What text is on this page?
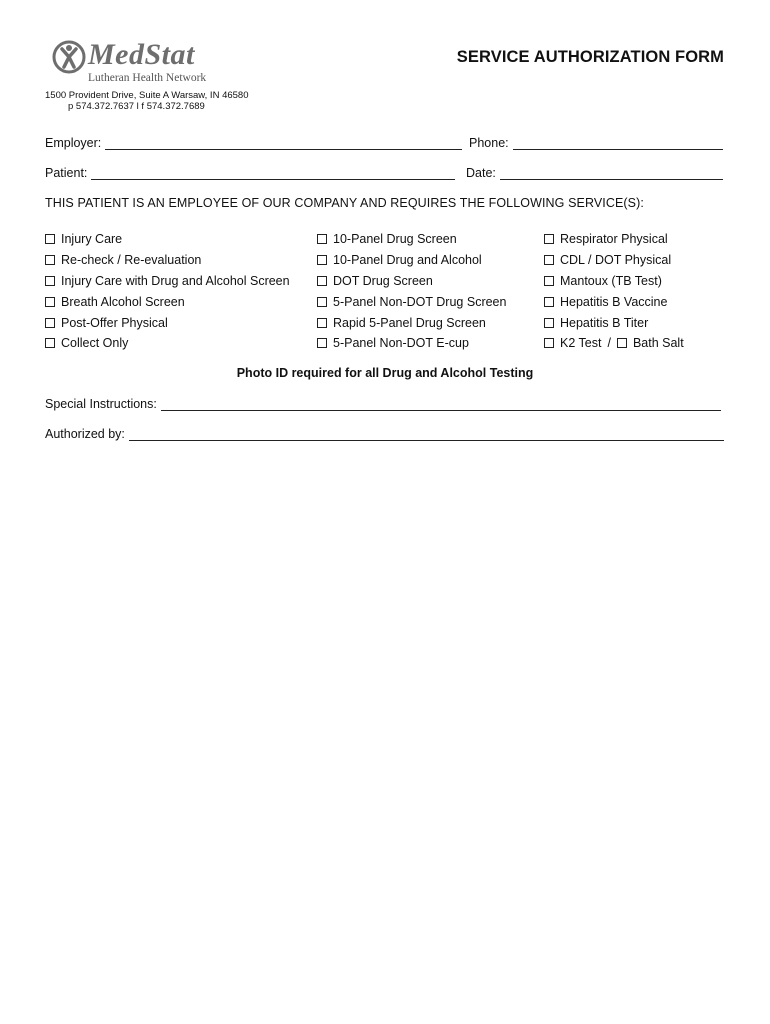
MedStat
Lutheran Health Network
1500 Provident Drive, Suite A Warsaw, IN 46580
p 574.372.7637 l f 574.372.7689
SERVICE AUTHORIZATION FORM
Employer:	Phone:
Patient:	Date:
THIS PATIENT IS AN EMPLOYEE OF OUR COMPANY AND REQUIRES THE FOLLOWING SERVICE(S):
Injury Care
Re-check / Re-evaluation
Injury Care with Drug and Alcohol Screen
Breath Alcohol Screen
Post-Offer Physical
Collect Only
10-Panel Drug Screen
10-Panel Drug and Alcohol
DOT Drug Screen
5-Panel Non-DOT Drug Screen
Rapid 5-Panel Drug Screen
5-Panel Non-DOT E-cup
Respirator Physical
CDL / DOT Physical
Mantoux (TB Test)
Hepatitis B Vaccine
Hepatitis B Titer
K2 Test /	Bath Salt
Photo ID required for all Drug and Alcohol Testing
Special Instructions:
Authorized by:
